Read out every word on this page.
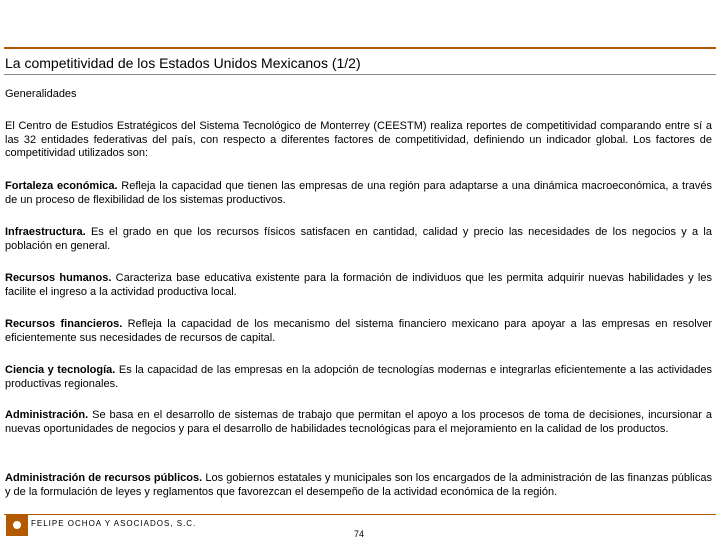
La competitividad de los Estados Unidos Mexicanos (1/2)
Generalidades

El Centro de Estudios Estratégicos del Sistema Tecnológico de Monterrey (CEESTM) realiza reportes de competitividad comparando entre sí a las 32 entidades federativas del país, con respecto a diferentes factores de competitividad, definiendo un indicador global. Los factores de competitividad utilizados son:

Fortaleza económica. Refleja la capacidad que tienen las empresas de una región para adaptarse a una dinámica macroeconómica, a través de un proceso de flexibilidad de los sistemas productivos.

Infraestructura. Es el grado en que los recursos físicos satisfacen en cantidad, calidad y precio las necesidades de los negocios y a la población en general.

Recursos humanos. Caracteriza base educativa existente para la formación de individuos que les permita adquirir nuevas habilidades y les facilite el ingreso a la actividad productiva local.

Recursos financieros. Refleja la capacidad de los mecanismo del sistema financiero mexicano para apoyar a las empresas en resolver eficientemente sus necesidades de recursos de capital.

Ciencia y tecnología. Es la capacidad de las empresas en la adopción de tecnologías modernas e integrarlas eficientemente a las actividades productivas regionales.

Administración. Se basa en el desarrollo de sistemas de trabajo que permitan el apoyo a los procesos de toma de decisiones, incursionar a nuevas oportunidades de negocios y para el desarrollo de habilidades tecnológicas para el mejoramiento en la calidad de los productos.

Administración de recursos públicos. Los gobiernos estatales y municipales son los encargados de la administración de las finanzas públicas y de la formulación de leyes y reglamentos que favorezcan el desempeño de la actividad económica de la región.

FELIPE OCHOA Y ASOCIADOS, S.C.
74
